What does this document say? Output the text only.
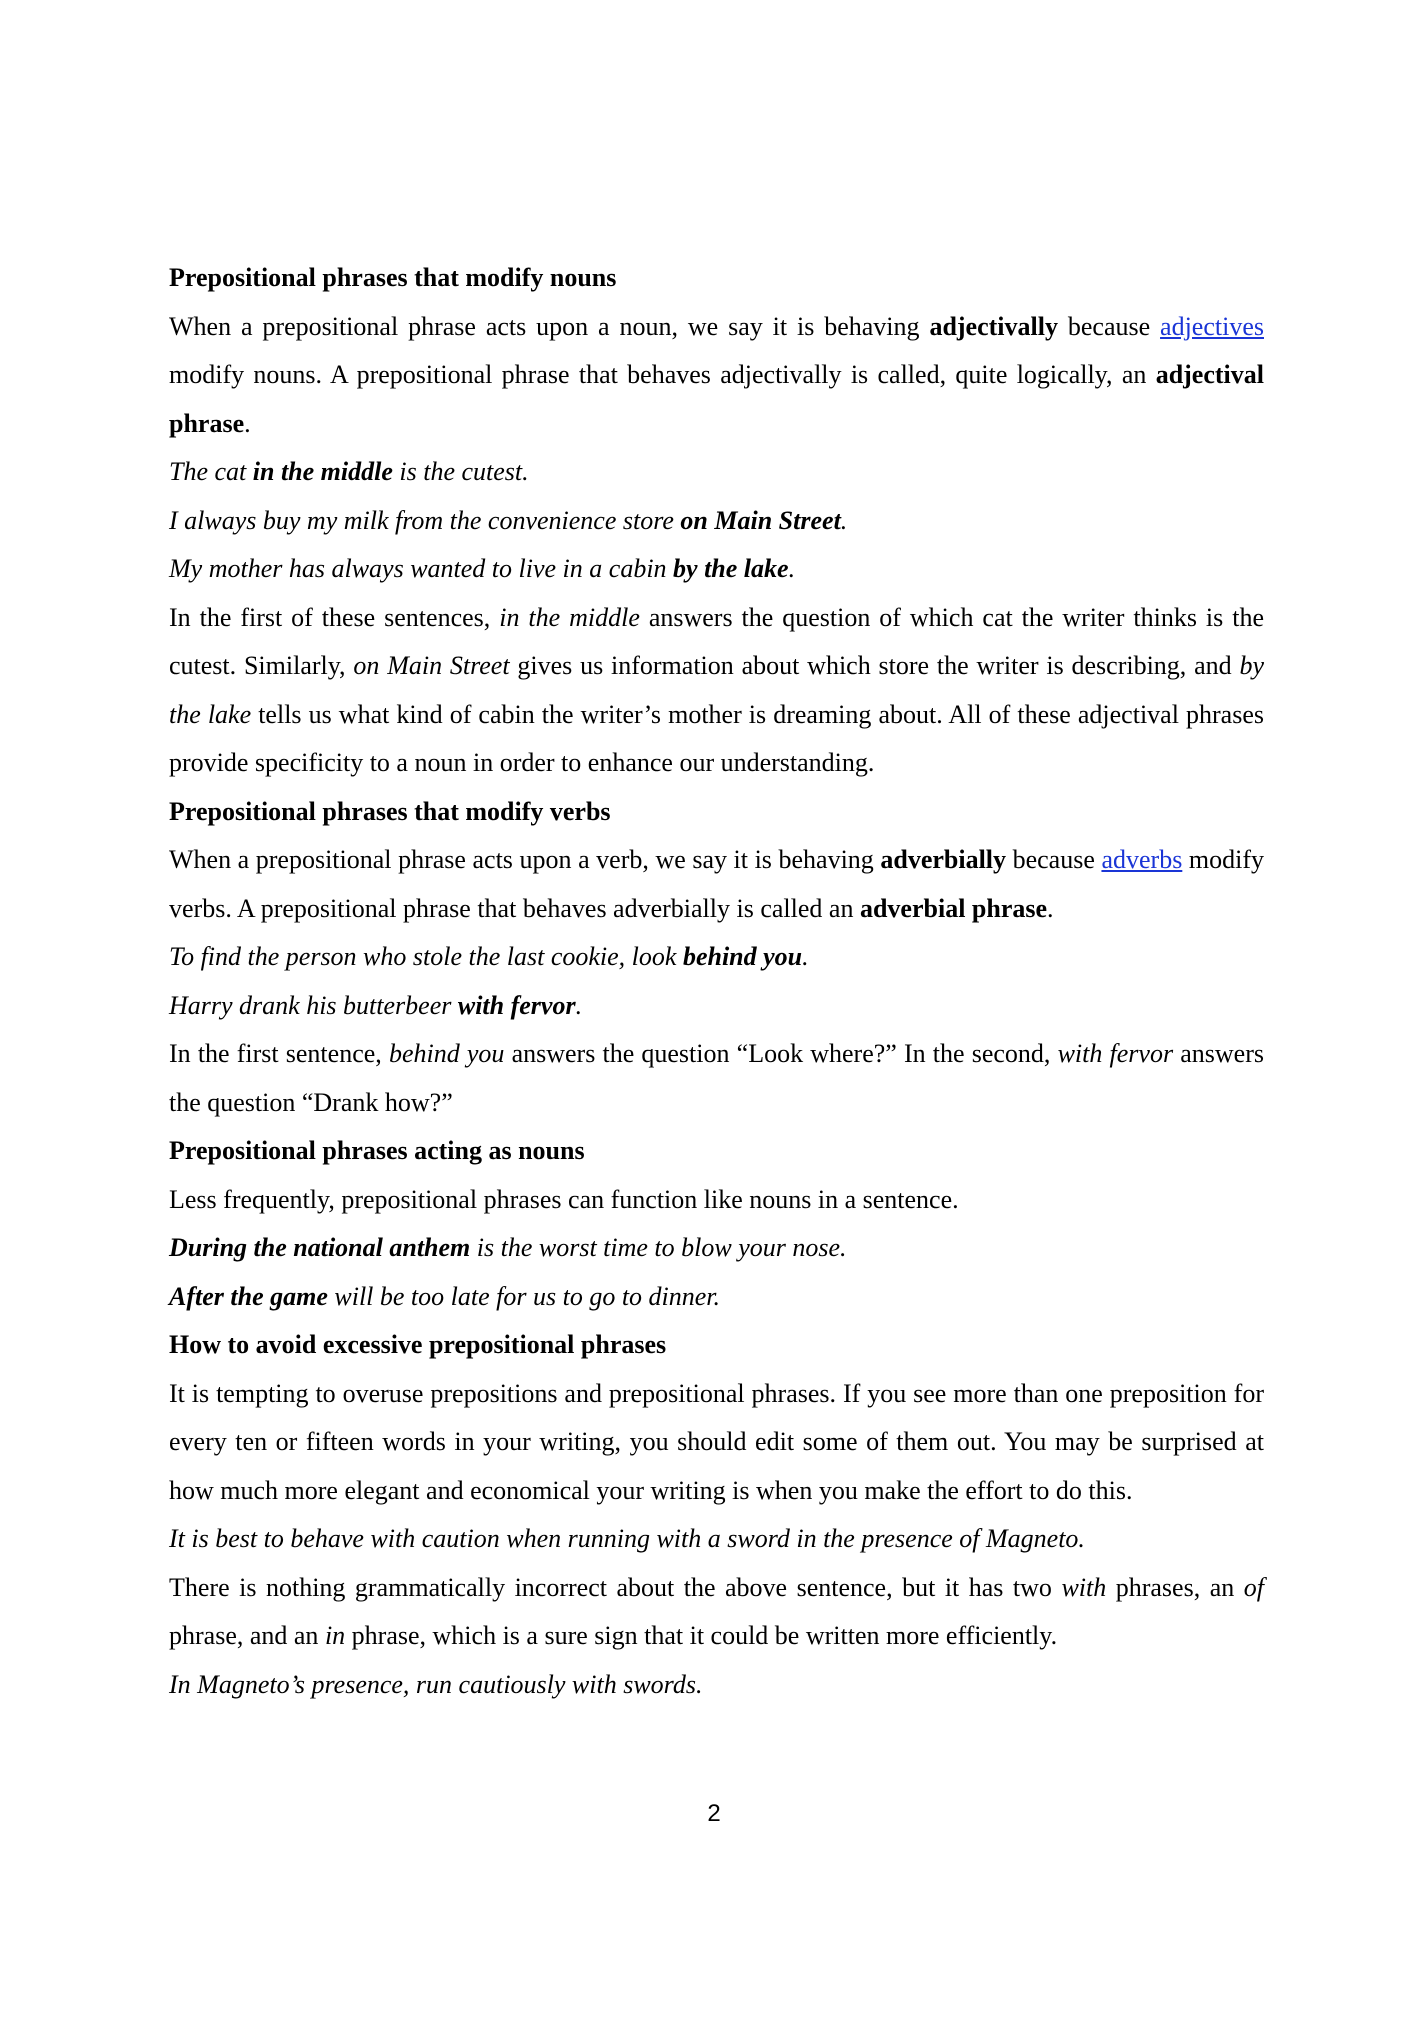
Prepositional phrases that modify nouns

When a prepositional phrase acts upon a noun, we say it is behaving adjectivally because adjectives modify nouns. A prepositional phrase that behaves adjectivally is called, quite logically, an adjectival phrase.

The cat in the middle is the cutest.

I always buy my milk from the convenience store on Main Street.

My mother has always wanted to live in a cabin by the lake.

In the first of these sentences, in the middle answers the question of which cat the writer thinks is the cutest. Similarly, on Main Street gives us information about which store the writer is describing, and by the lake tells us what kind of cabin the writer’s mother is dreaming about. All of these adjectival phrases provide specificity to a noun in order to enhance our understanding.

Prepositional phrases that modify verbs

When a prepositional phrase acts upon a verb, we say it is behaving adverbially because adverbs modify verbs. A prepositional phrase that behaves adverbially is called an adverbial phrase.

To find the person who stole the last cookie, look behind you.

Harry drank his butterbeer with fervor.

In the first sentence, behind you answers the question “Look where?” In the second, with fervor answers the question “Drank how?”

Prepositional phrases acting as nouns

Less frequently, prepositional phrases can function like nouns in a sentence.

During the national anthem is the worst time to blow your nose.

After the game will be too late for us to go to dinner.

How to avoid excessive prepositional phrases

It is tempting to overuse prepositions and prepositional phrases. If you see more than one preposition for every ten or fifteen words in your writing, you should edit some of them out. You may be surprised at how much more elegant and economical your writing is when you make the effort to do this.

It is best to behave with caution when running with a sword in the presence of Magneto.

There is nothing grammatically incorrect about the above sentence, but it has two with phrases, an of phrase, and an in phrase, which is a sure sign that it could be written more efficiently.

In Magneto’s presence, run cautiously with swords.

2
